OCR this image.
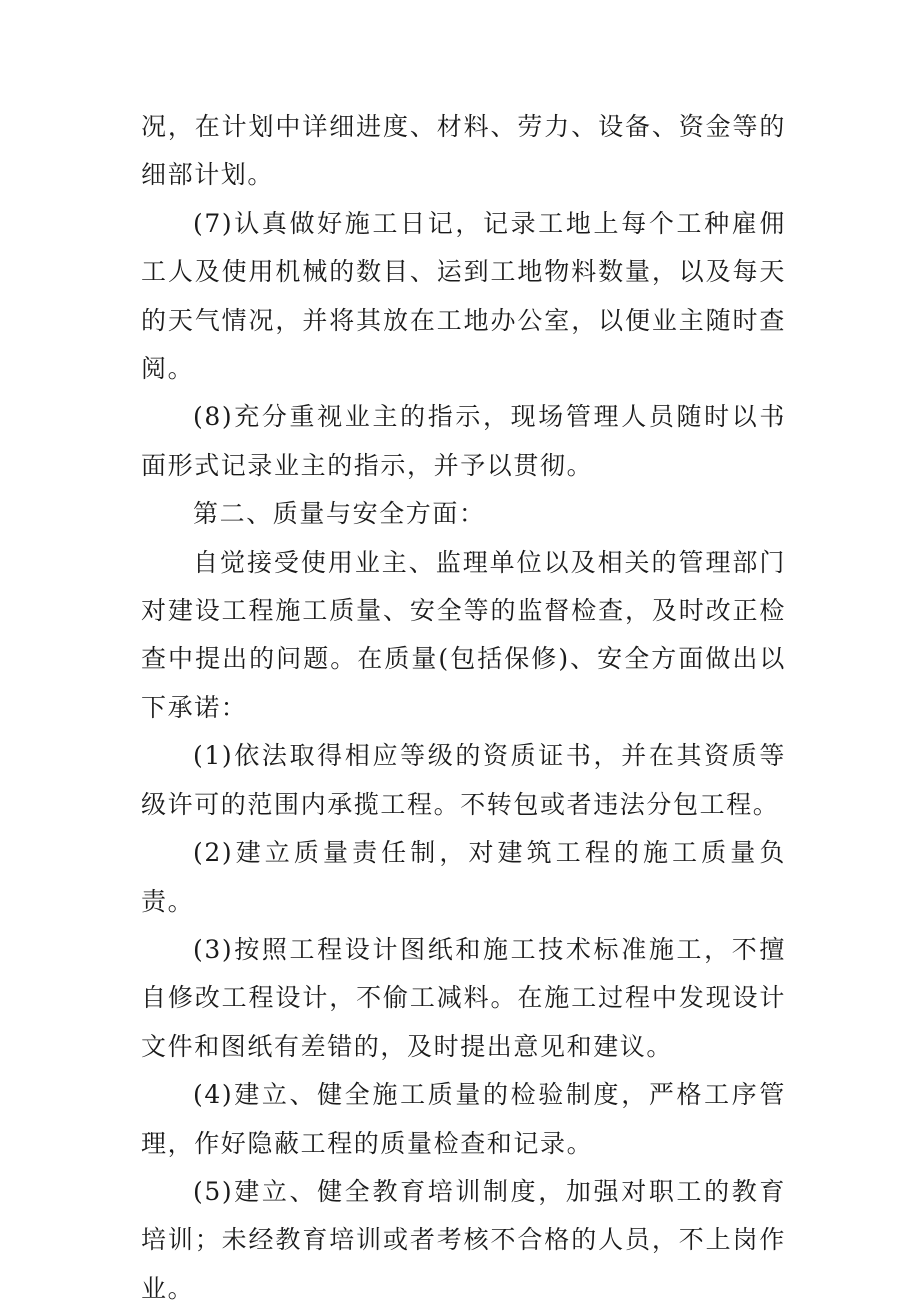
况，在计划中详细进度、材料、劳力、设备、资金等的细部计划。

(7)认真做好施工日记，记录工地上每个工种雇佣工人及使用机械的数目、运到工地物料数量，以及每天的天气情况，并将其放在工地办公室，以便业主随时查阅。

(8)充分重视业主的指示，现场管理人员随时以书面形式记录业主的指示，并予以贯彻。

第二、质量与安全方面：

自觉接受使用业主、监理单位以及相关的管理部门对建设工程施工质量、安全等的监督检查，及时改正检查中提出的问题。在质量(包括保修)、安全方面做出以下承诺：

(1)依法取得相应等级的资质证书，并在其资质等级许可的范围内承揽工程。不转包或者违法分包工程。

(2)建立质量责任制，对建筑工程的施工质量负责。

(3)按照工程设计图纸和施工技术标准施工，不擅自修改工程设计，不偷工减料。在施工过程中发现设计文件和图纸有差错的，及时提出意见和建议。

(4)建立、健全施工质量的检验制度，严格工序管理，作好隐蔽工程的质量检查和记录。

(5)建立、健全教育培训制度，加强对职工的教育培训；未经教育培训或者考核不合格的人员，不上岗作业。
